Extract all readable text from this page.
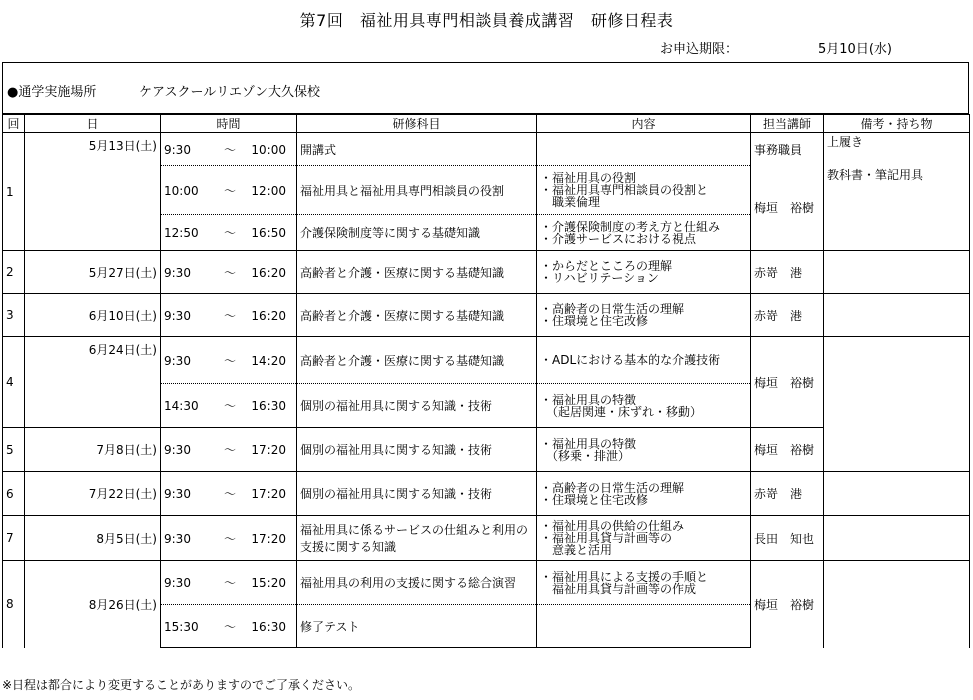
第7回　福祉用具専門相談員養成講習　研修日程表
お申込期限：	5月10日(水)
●通学実施場所	ケアスクールリエゾン大久保校
回	日	時間	研修科目	内容	担当講師	備考・持ち物
1	5月13日(土)	9:30 〜 10:00	開講式		事務職員	上履き
		10:00 〜 12:00	福祉用具と福祉用具専門相談員の役割	・福祉用具の役割
・福祉用具専門相談員の役割と
　職業倫理	梅垣　裕樹	教科書・筆記用具
		12:50 〜 16:50	介護保険制度等に関する基礎知識	・介護保険制度の考え方と仕組み
・介護サービスにおける視点		

2	5月27日(土)	9:30 〜 16:20	高齢者と介護・医療に関する基礎知識	・からだとこころの理解
・リハビリテーション	赤嵜　港	
3	6月10日(土)	9:30 〜 16:20	高齢者と介護・医療に関する基礎知識	・高齢者の日常生活の理解
・住環境と住宅改修	赤嵜　港	
4	6月24日(土)	9:30 〜 14:20	高齢者と介護・医療に関する基礎知識	・ADLにおける基本的な介護技術	梅垣　裕樹	
		14:30 〜 16:30	個別の福祉用具に関する知識・技術	・福祉用具の特徴
　（起居関連・床ずれ・移動）		

5	7月8日(土)	9:30 〜 17:20	個別の福祉用具に関する知識・技術	・福祉用具の特徴
　（移乗・排泄）	梅垣　裕樹	
6	7月22日(土)	9:30 〜 17:20	個別の福祉用具に関する知識・技術	・高齢者の日常生活の理解
・住環境と住宅改修	赤嵜　港	
7	8月5日(土)	9:30 〜 17:20	福祉用具に係るサービスの仕組みと利用の支援に関する知識	・福祉用具の供給の仕組み
・福祉用具貸与計画等の
　意義と活用	長田　知也	
8	8月26日(土)	9:30 〜 15:20	福祉用具の利用の支援に関する総合演習	・福祉用具による支援の手順と
　福祉用具貸与計画等の作成	梅垣　裕樹	
		15:30 〜 16:30	修了テスト			
※日程は都合により変更することがありますのでご了承ください。
